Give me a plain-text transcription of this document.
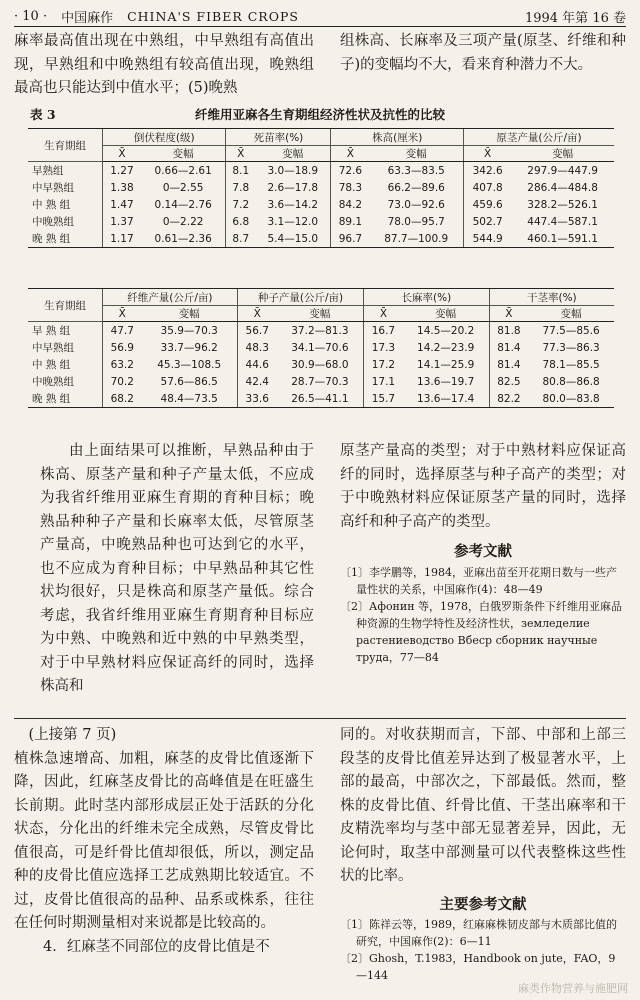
· 10 · 中国麻作 CHINA'S FIBER CROPS	1994 年第 16 卷

麻率最高值出现在中熟组，中早熟组有高值出现，早熟组和中晚熟组有较高值出现，晚熟组最高也只能达到中值水平；(5)晚熟

组株高、长麻率及三项产量(原茎、纤维和种子)的变幅均不大，看来育种潜力不大。

表 3	纤维用亚麻各生育期组经济性状及抗性的比较
生育期组	倒伏程度(级)		死苗率(%)		株高(厘米)		原茎产量(公斤/亩)	
	X̄	变幅	X̄	变幅	X̄	变幅	X̄	变幅
早熟组	1.27	0.66—2.61	8.1	3.0—18.9	72.6	63.3—83.5	342.6	297.9—447.9
中早熟组	1.38	0—2.55	7.8	2.6—17.8	78.3	66.2—89.6	407.8	286.4—484.8
中 熟 组	1.47	0.14—2.76	7.2	3.6—14.2	84.2	73.0—92.6	459.6	328.2—526.1
中晚熟组	1.37	0—2.22	6.8	3.1—12.0	89.1	78.0—95.7	502.7	447.4—587.1
晚 熟 组	1.17	0.61—2.36	8.7	5.4—15.0	96.7	87.7—100.9	544.9	460.1—591.1
生育期组	纤维产量(公斤/亩)		种子产量(公斤/亩)		长麻率(%)		干茎率(%)	
	X̄	变幅	X̄	变幅	X̄	变幅	X̄	变幅
早 熟 组	47.7	35.9—70.3	56.7	37.2—81.3	16.7	14.5—20.2	81.8	77.5—85.6
中早熟组	56.9	33.7—96.2	48.3	34.1—70.6	17.3	14.2—23.9	81.4	77.3—86.3
中 熟 组	63.2	45.3—108.5	44.6	30.9—68.0	17.2	14.1—25.9	81.4	78.1—85.5
中晚熟组	70.2	57.6—86.5	42.4	28.7—70.3	17.1	13.6—19.7	82.5	80.8—86.8
晚 熟 组	68.2	48.4—73.5	33.6	26.5—41.1	15.7	13.6—17.4	82.2	80.0—83.8

由上面结果可以推断，早熟品种由于株高、原茎产量和种子产量太低，不应成为我省纤维用亚麻生育期的育种目标；晚熟品种种子产量和长麻率太低，尽管原茎产量高，中晚熟品种也可达到它的水平，也不应成为育种目标；中早熟品种其它性状均很好，只是株高和原茎产量低。综合考虑，我省纤维用亚麻生育期育种目标应为中熟、中晚熟和近中熟的中早熟类型，对于中早熟材料应保证高纤的同时，选择株高和

原茎产量高的类型；对于中熟材料应保证高纤的同时，选择原茎与种子高产的类型；对于中晚熟材料应保证原茎产量的同时，选择高纤和种子高产的类型。

参考文献

〔1〕李学鹏等，1984，亚麻出苗至开花期日数与一些产量性状的关系，中国麻作(4)：48—49

〔2〕Афонин 等，1978，白俄罗斯条件下纤维用亚麻品种资源的生物学特性及经济性状，земледелие растениеводство Вбесp сборник научные труда，77—84

(上接第 7 页)

植株急速增高、加粗，麻茎的皮骨比值逐渐下降，因此，红麻茎皮骨比的高峰值是在旺盛生长前期。此时茎内部形成层正处于活跃的分化状态，分化出的纤维未完全成熟，尽管皮骨比值很高，可是纤骨比值却很低，所以，测定品种的皮骨比值应选择工艺成熟期比较适宜。不过，皮骨比值很高的品种、品系或株系，往往在任何时期测量相对来说都是比较高的。

4．红麻茎不同部位的皮骨比值是不

同的。对收获期而言，下部、中部和上部三段茎的皮骨比值差异达到了极显著水平，上部的最高，中部次之，下部最低。然而，整株的皮骨比值、纤骨比值、干茎出麻率和干皮精洗率均与茎中部无显著差异，因此，无论何时，取茎中部测量可以代表整株这些性状的比率。

主要参考文献

〔1〕陈祥云等，1989，红麻麻株韧皮部与木质部比值的研究，中国麻作(2)：6—11

〔2〕Ghosh，T.1983，Handbook on jute，FAO，9—144

麻类作物营养与施肥网
